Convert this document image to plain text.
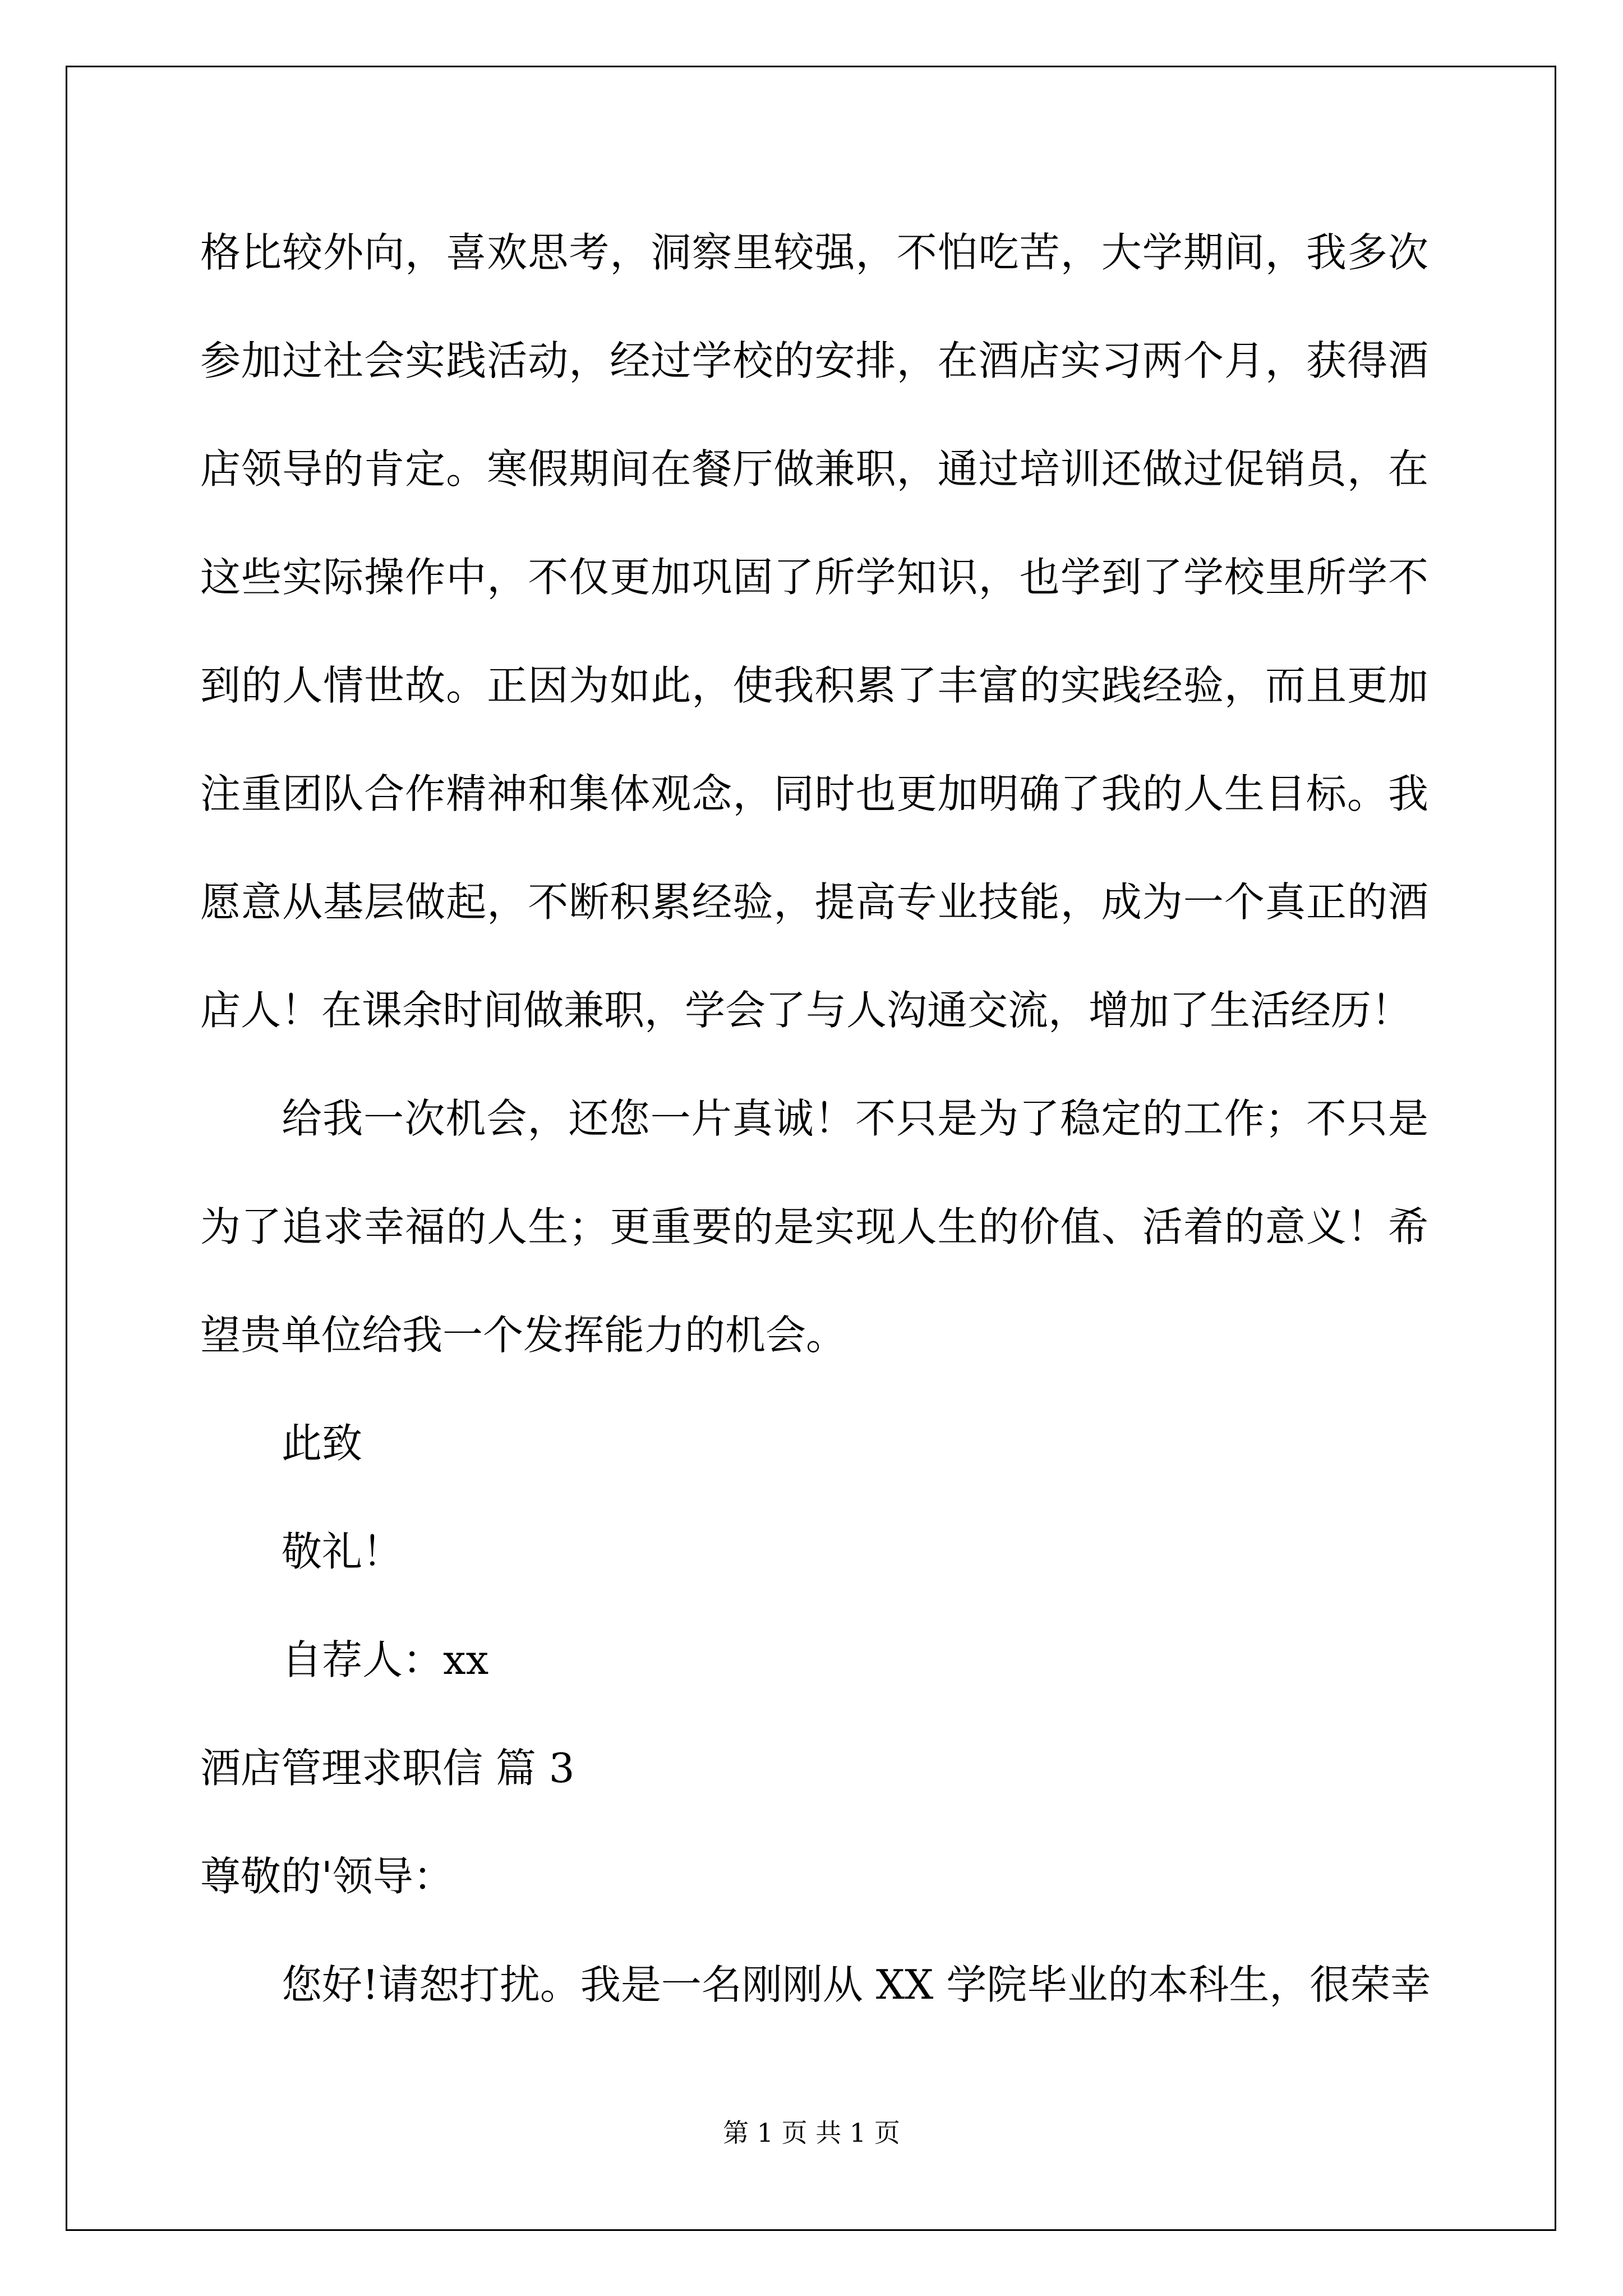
格比较外向，喜欢思考，洞察里较强，不怕吃苦，大学期间，我多次
参加过社会实践活动，经过学校的安排，在酒店实习两个月，获得酒
店领导的肯定。寒假期间在餐厅做兼职，通过培训还做过促销员，在
这些实际操作中，不仅更加巩固了所学知识，也学到了学校里所学不
到的人情世故。正因为如此，使我积累了丰富的实践经验，而且更加
注重团队合作精神和集体观念，同时也更加明确了我的人生目标。我
愿意从基层做起，不断积累经验，提高专业技能，成为一个真正的酒
店人！在课余时间做兼职，学会了与人沟通交流，增加了生活经历！
给我一次机会，还您一片真诚！不只是为了稳定的工作；不只是
为了追求幸福的人生；更重要的是实现人生的价值、活着的意义！希
望贵单位给我一个发挥能力的机会。
此致
敬礼！
自荐人：xx
酒店管理求职信 篇 3
尊敬的'领导：
您好!请恕打扰。我是一名刚刚从 XX 学院毕业的本科生，很荣幸
第 1 页 共 1 页
